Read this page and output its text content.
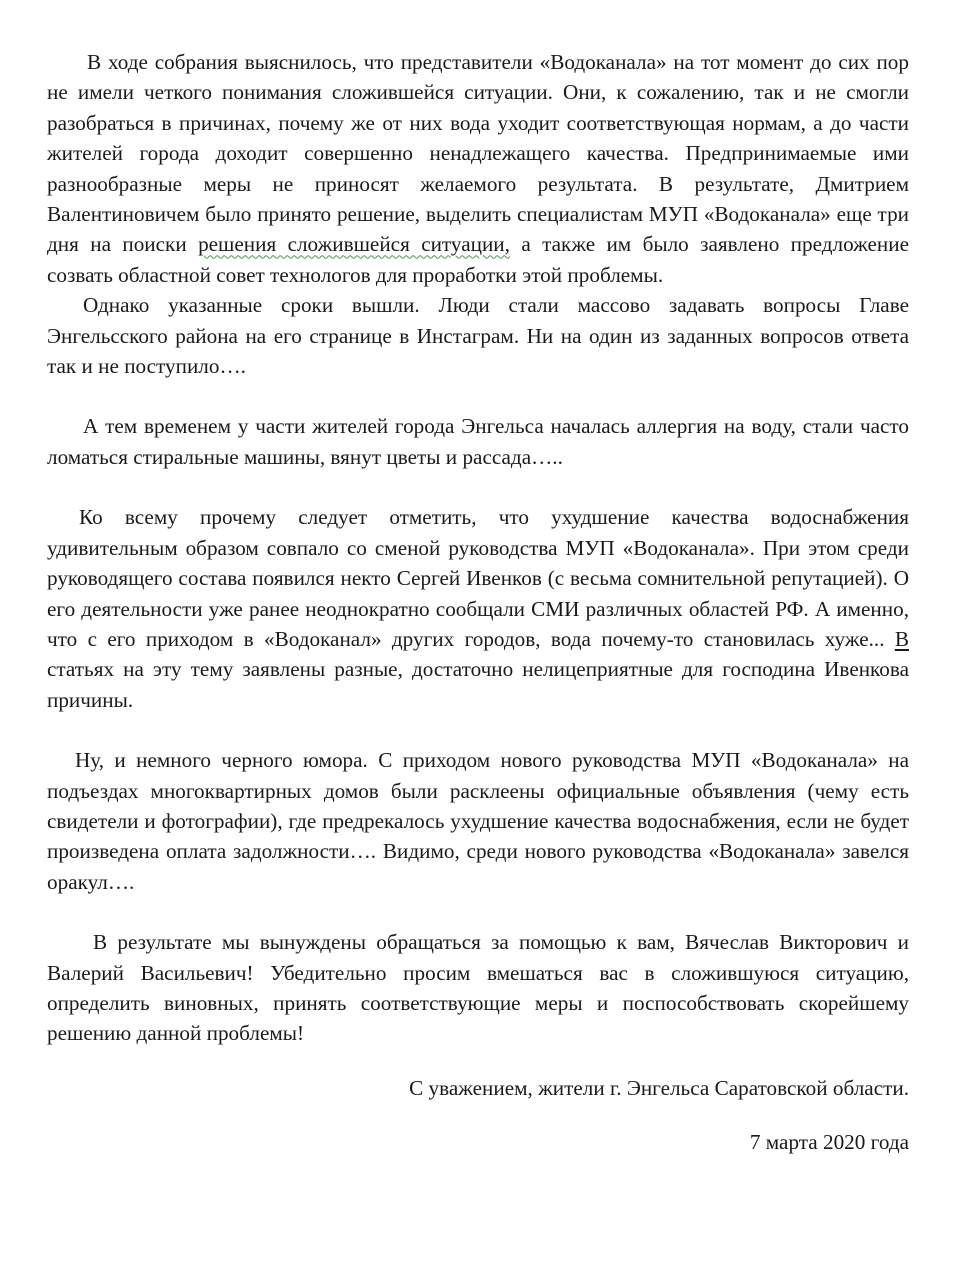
В ходе собрания выяснилось, что представители «Водоканала» на тот момент до сих пор не имели четкого понимания сложившейся ситуации. Они, к сожалению, так и не смогли разобраться в причинах, почему же от них вода уходит соответствующая нормам, а до части жителей города доходит совершенно ненадлежащего качества. Предпринимаемые ими разнообразные меры не приносят желаемого результата. В результате, Дмитрием Валентиновичем было принято решение, выделить специалистам МУП «Водоканала» еще три дня на поиски решения сложившейся ситуации, а также им было заявлено предложение созвать областной совет технологов для проработки этой проблемы.

Однако указанные сроки вышли. Люди стали массово задавать вопросы Главе Энгельсского района на его странице в Инстаграм. Ни на один из заданных вопросов ответа так и не поступило….

А тем временем у части жителей города Энгельса началась аллергия на воду, стали часто ломаться стиральные машины, вянут цветы и рассада…..

Ко всему прочему следует отметить, что ухудшение качества водоснабжения удивительным образом совпало со сменой руководства МУП «Водоканала». При этом среди руководящего состава появился некто Сергей Ивенков (с весьма сомнительной репутацией). О его деятельности уже ранее неоднократно сообщали СМИ различных областей РФ. А именно, что с его приходом в «Водоканал» других городов, вода почему-то становилась хуже... В статьях на эту тему заявлены разные, достаточно нелицеприятные для господина Ивенкова причины.

Ну, и немного черного юмора. С приходом нового руководства МУП «Водоканала» на подъездах многоквартирных домов были расклеены официальные объявления (чему есть свидетели и фотографии), где предрекалось ухудшение качества водоснабжения, если не будет произведена оплата задолжности…. Видимо, среди нового руководства «Водоканала» завелся оракул….

В результате мы вынуждены обращаться за помощью к вам, Вячеслав Викторович и Валерий Васильевич! Убедительно просим вмешаться вас в сложившуюся ситуацию, определить виновных, принять соответствующие меры и поспособствовать скорейшему решению данной проблемы!

С уважением, жители г. Энгельса Саратовской области.

7 марта 2020 года
